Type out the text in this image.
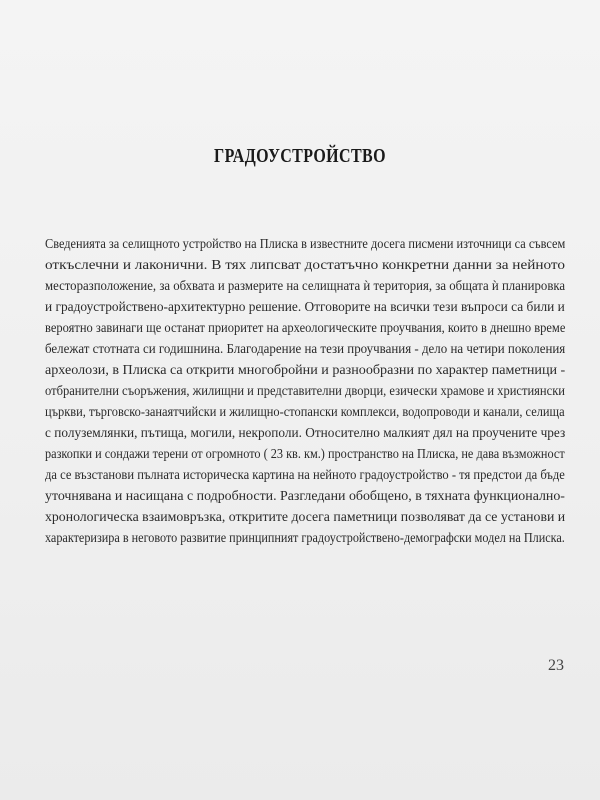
ГРАДОУСТРОЙСТВО
Сведенията за селищното устройство на Плиска в известните досега писмени източници са съвсем
откъслечни и лаконични. В тях липсват достатъчно конкретни данни за нейното
месторазположение, за обхвата и размерите на селищната ѝ територия, за общата ѝ планировка
и градоустройствено-архитектурно решение. Отговорите на всички тези въпроси са били и
вероятно завинаги ще останат приоритет на археологическите проучвания, които в днешно време
бележат стотната си годишнина. Благодарение на тези проучвания - дело на четири поколения
археолози, в Плиска са открити многобройни и разнообразни по характер паметници -
отбранителни съоръжения, жилищни и представителни дворци, езически храмове и християнски
църкви, търговско-занаятчийски и жилищно-стопански комплекси, водопроводи и канали, селища
с полуземлянки, пътища, могили, некрополи. Относително малкият дял на проучените чрез
разкопки и сондажи терени от огромното ( 23 кв. км.) пространство на Плиска, не дава възможност
да се възстанови пълната историческа картина на нейното градоустройство - тя предстои да бъде
уточнявана и насищана с подробности. Разгледани обобщено, в тяхната функционално-
хронологическа взаимовръзка, откритите досега паметници позволяват да се установи и
характеризира в неговото развитие принципният градоустройствено-демографски модел на Плиска.
23
